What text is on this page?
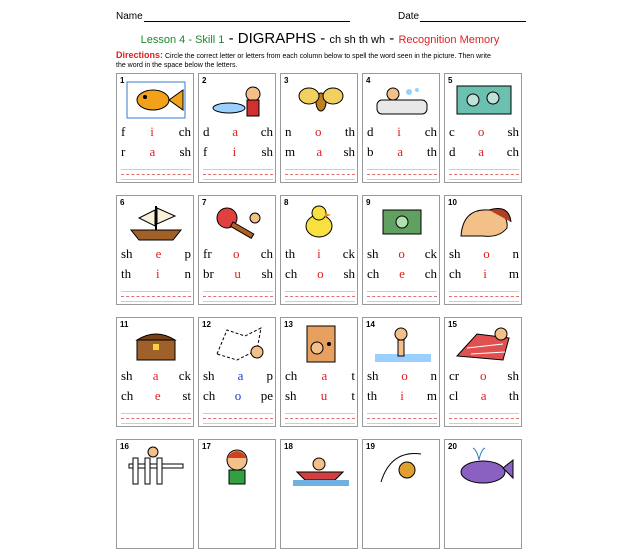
Name	Date
Lesson 4 - Skill 1 - DIGRAPHS - ch sh th wh - Recognition Memory
Directions: Circle the correct letter or letters from each column below to spell the word seen in the picture. Then write the word in the space below the letters.
1
f i ch
r a sh
2
d a ch
f i sh
3
n o th
m a sh
4
d i ch
b a th
5
c o sh
d a ch
6
sh e p
th i n
7
fr o ch
br u sh
8
th i ck
ch o sh
9
sh o ck
ch e ch
10
sh o n
ch i m
11
sh a ck
ch e st
12
sh a p
ch o pe
13
ch a t
sh u t
14
sh o n
th i m
15
cr o sh
cl a th
16	17	18	19	20
